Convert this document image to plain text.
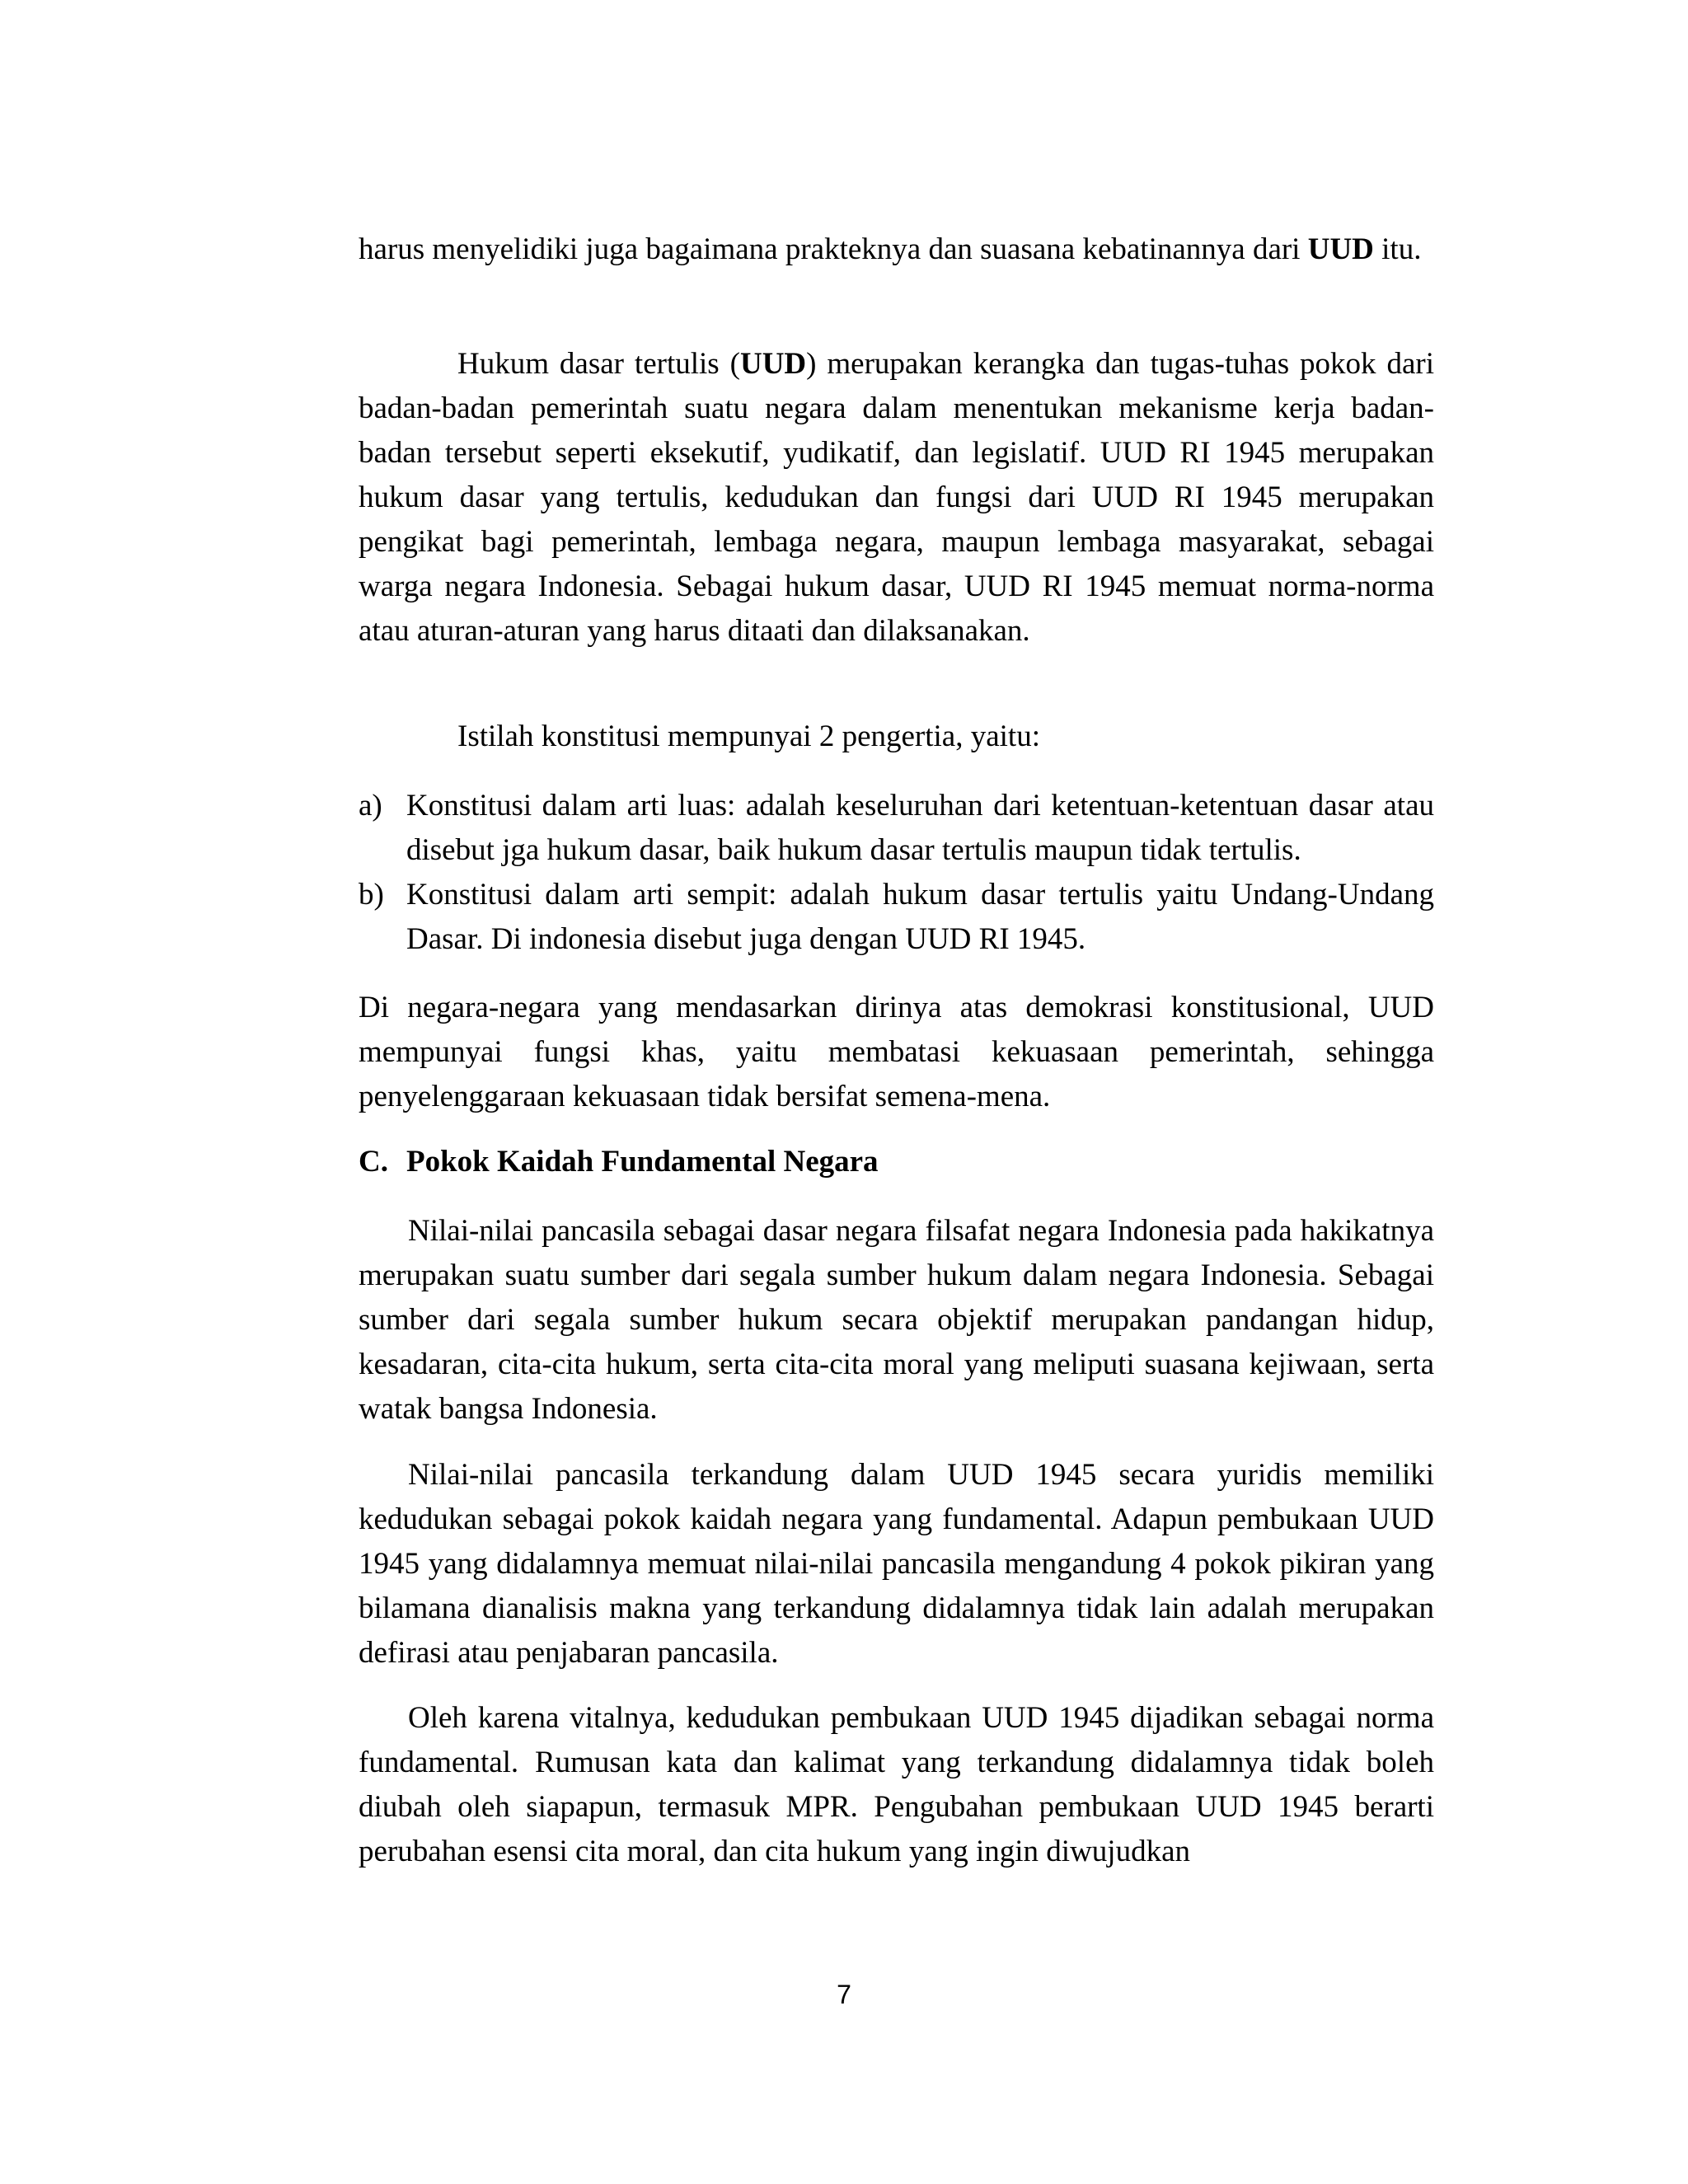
harus menyelidiki juga bagaimana prakteknya dan suasana kebatinannya dari UUD itu.

Hukum dasar tertulis (UUD) merupakan kerangka dan tugas-tuhas pokok dari badan-badan pemerintah suatu negara dalam menentukan mekanisme kerja badan-badan tersebut seperti eksekutif, yudikatif, dan legislatif. UUD RI 1945 merupakan hukum dasar yang tertulis, kedudukan dan fungsi dari UUD RI 1945 merupakan pengikat bagi pemerintah, lembaga negara, maupun lembaga masyarakat, sebagai warga negara Indonesia. Sebagai hukum dasar, UUD RI 1945 memuat norma-norma atau aturan-aturan yang harus ditaati dan dilaksanakan.

Istilah konstitusi mempunyai 2 pengertia, yaitu:

a) Konstitusi dalam arti luas: adalah keseluruhan dari ketentuan-ketentuan dasar atau disebut jga hukum dasar, baik hukum dasar tertulis maupun tidak tertulis.
b) Konstitusi dalam arti sempit: adalah hukum dasar tertulis yaitu Undang-Undang Dasar. Di indonesia disebut juga dengan UUD RI 1945.

Di negara-negara yang mendasarkan dirinya atas demokrasi konstitusional, UUD mempunyai fungsi khas, yaitu membatasi kekuasaan pemerintah, sehingga penyelenggaraan kekuasaan tidak bersifat semena-mena.

C. Pokok Kaidah Fundamental Negara

Nilai-nilai pancasila sebagai dasar negara filsafat negara Indonesia pada hakikatnya merupakan suatu sumber dari segala sumber hukum dalam negara Indonesia. Sebagai sumber dari segala sumber hukum secara objektif merupakan pandangan hidup, kesadaran, cita-cita hukum, serta cita-cita moral yang meliputi suasana kejiwaan, serta watak bangsa Indonesia.

Nilai-nilai pancasila terkandung dalam UUD 1945 secara yuridis memiliki kedudukan sebagai pokok kaidah negara yang fundamental. Adapun pembukaan UUD 1945 yang didalamnya memuat nilai-nilai pancasila mengandung 4 pokok pikiran yang bilamana dianalisis makna yang terkandung didalamnya tidak lain adalah merupakan defirasi atau penjabaran pancasila.

Oleh karena vitalnya, kedudukan pembukaan UUD 1945 dijadikan sebagai norma fundamental. Rumusan kata dan kalimat yang terkandung didalamnya tidak boleh diubah oleh siapapun, termasuk MPR. Pengubahan pembukaan UUD 1945 berarti perubahan esensi cita moral, dan cita hukum yang ingin diwujudkan

7
